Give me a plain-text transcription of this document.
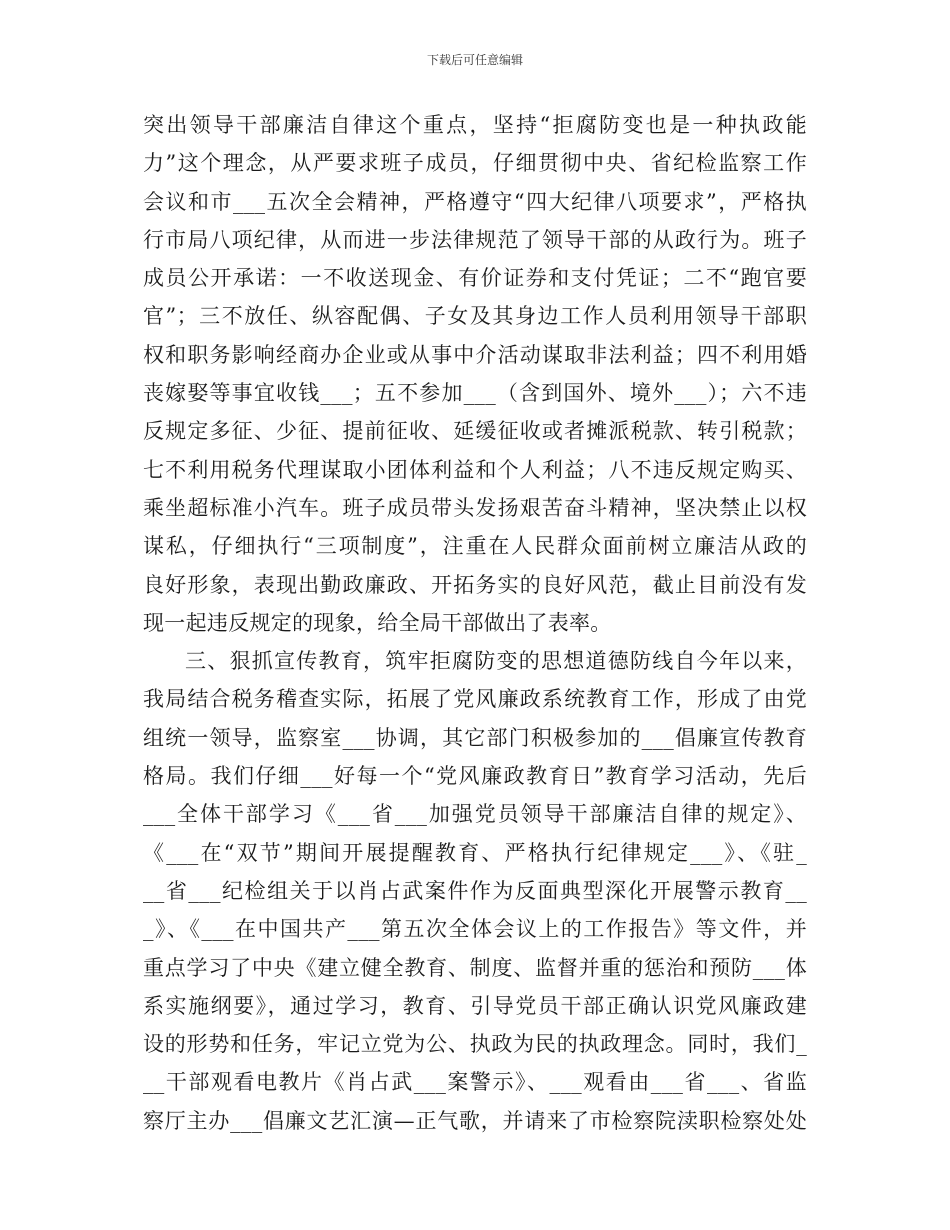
下载后可任意编辑
突出领导干部廉洁自律这个重点，坚持“拒腐防变也是一种执政能
力”这个理念，从严要求班子成员，仔细贯彻中央、省纪检监察工作
会议和市___五次全会精神，严格遵守“四大纪律八项要求”，严格执
行市局八项纪律，从而进一步法律规范了领导干部的从政行为。班子
成员公开承诺：一不收送现金、有价证券和支付凭证；二不“跑官要
官”；三不放任、纵容配偶、子女及其身边工作人员利用领导干部职
权和职务影响经商办企业或从事中介活动谋取非法利益；四不利用婚
丧嫁娶等事宜收钱___；五不参加___（含到国外、境外___）；六不违
反规定多征、少征、提前征收、延缓征收或者摊派税款、转引税款；
七不利用税务代理谋取小团体利益和个人利益；八不违反规定购买、
乘坐超标准小汽车。班子成员带头发扬艰苦奋斗精神，坚决禁止以权
谋私，仔细执行“三项制度”，注重在人民群众面前树立廉洁从政的
良好形象，表现出勤政廉政、开拓务实的良好风范，截止目前没有发
现一起违反规定的现象，给全局干部做出了表率。
三、狠抓宣传教育，筑牢拒腐防变的思想道德防线自今年以来，
我局结合税务稽查实际，拓展了党风廉政系统教育工作，形成了由党
组统一领导，监察室___协调，其它部门积极参加的___倡廉宣传教育
格局。我们仔细___好每一个“党风廉政教育日”教育学习活动，先后
___全体干部学习《___省___加强党员领导干部廉洁自律的规定》、
《___在“双节”期间开展提醒教育、严格执行纪律规定___》、《驻_
__省___纪检组关于以肖占武案件作为反面典型深化开展警示教育__
_》、《___在中国共产___第五次全体会议上的工作报告》等文件，并
重点学习了中央《建立健全教育、制度、监督并重的惩治和预防___体
系实施纲要》，通过学习，教育、引导党员干部正确认识党风廉政建
设的形势和任务，牢记立党为公、执政为民的执政理念。同时，我们_
__干部观看电教片《肖占武___案警示》、___观看由___省___、省监
察厅主办___倡廉文艺汇演—正气歌，并请来了市检察院渎职检察处处
